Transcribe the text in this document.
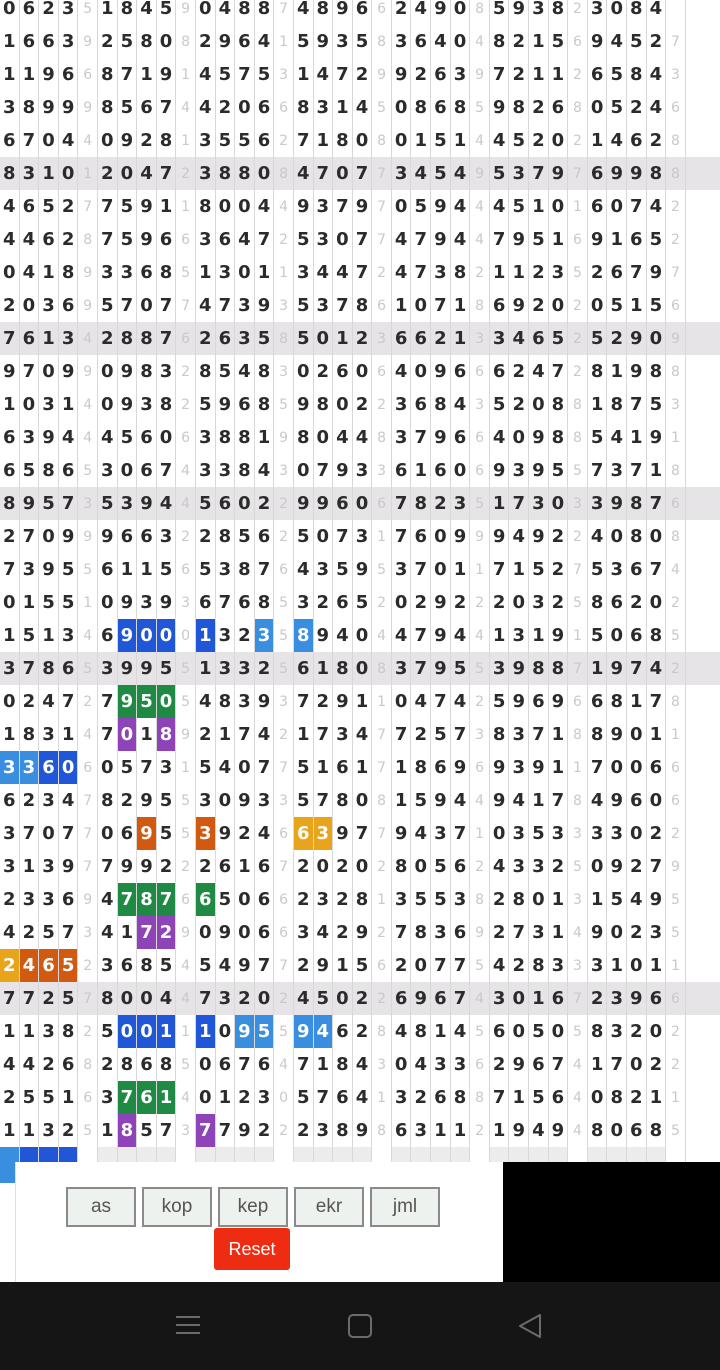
0 6 2 3 5 1 8 4 5 9 0 4 8 8 7 4 8 9 6 6 2 4 9 0 8 5 9 3 8 2 3 0 8 4
1 6 6 3 9 2 5 8 0 8 2 9 6 4 1 5 9 3 5 8 3 6 4 0 4 8 2 1 5 6 9 4 5 2 7
1 1 9 6 6 8 7 1 9 1 4 5 7 5 3 1 4 7 2 9 9 2 6 3 9 7 2 1 1 2 6 5 8 4 3
3 8 9 9 9 8 5 6 7 4 4 2 0 6 6 8 3 1 4 5 0 8 6 8 5 9 8 2 6 8 0 5 2 4 6
6 7 0 4 4 0 9 2 8 1 3 5 5 6 2 7 1 8 0 8 0 1 5 1 4 4 5 2 0 2 1 4 6 2 8
8 3 1 0 1 2 0 4 7 2 3 8 8 0 8 4 7 0 7 7 3 4 5 4 9 5 3 7 9 7 6 9 9 8 8
4 6 5 2 7 7 5 9 1 1 8 0 0 4 4 9 3 7 9 7 0 5 9 4 4 4 5 1 0 1 6 0 7 4 2
4 4 6 2 8 7 5 9 6 6 3 6 4 7 2 5 3 0 7 7 4 7 9 4 4 7 9 5 1 6 9 1 6 5 2
0 4 1 8 9 3 3 6 8 5 1 3 0 1 1 3 4 4 7 2 4 7 3 8 2 1 1 2 3 5 2 6 7 9 7
2 0 3 6 9 5 7 0 7 7 4 7 3 9 3 5 3 7 8 6 1 0 7 1 8 6 9 2 0 2 0 5 1 5 6
7 6 1 3 4 2 8 8 7 6 2 6 3 5 8 5 0 1 2 3 6 6 2 1 3 3 4 6 5 2 5 2 9 0 9
9 7 0 9 9 0 9 8 3 2 8 5 4 8 3 0 2 6 0 6 4 0 9 6 6 6 2 4 7 2 8 1 9 8 8
1 0 3 1 4 0 9 3 8 2 5 9 6 8 5 9 8 0 2 2 3 6 8 4 3 5 2 0 8 8 1 8 7 5 3
6 3 9 4 4 4 5 6 0 6 3 8 8 1 9 8 0 4 4 8 3 7 9 6 6 4 0 9 8 8 5 4 1 9 1
6 5 8 6 5 3 0 6 7 4 3 3 8 4 3 0 7 9 3 3 6 1 6 0 6 9 3 9 5 5 7 3 7 1 8
8 9 5 7 3 5 3 9 4 4 5 6 0 2 2 9 9 6 0 6 7 8 2 3 5 1 7 3 0 3 3 9 8 7 6
2 7 0 9 9 9 6 6 3 2 2 8 5 6 2 5 0 7 3 1 7 6 0 9 9 9 4 9 2 2 4 0 8 0 8
7 3 9 5 5 6 1 1 5 6 5 3 8 7 6 4 3 5 9 5 3 7 0 1 1 7 1 5 2 7 5 3 6 7 4
0 1 5 5 1 0 9 3 9 3 6 7 6 8 5 3 2 6 5 2 0 2 9 2 2 2 0 3 2 5 8 6 2 0 2
1 5 1 3 4 6 9 0 0 0 1 3 2 3 5 8 9 4 0 4 4 7 9 4 4 1 3 1 9 1 5 0 6 8 5
3 7 8 6 5 3 9 9 5 5 1 3 3 2 5 6 1 8 0 8 3 7 9 5 5 3 9 8 8 7 1 9 7 4 2
0 2 4 7 2 7 9 5 0 5 4 8 3 9 3 7 2 9 1 1 0 4 7 4 2 5 9 6 9 6 6 8 1 7 8
1 8 3 1 4 7 0 1 8 9 2 1 7 4 2 1 7 3 4 7 7 2 5 7 3 8 3 7 1 8 8 9 0 1 1
3 3 6 0 6 0 5 7 3 1 5 4 0 7 7 5 1 6 1 7 1 8 6 9 6 9 3 9 1 1 7 0 0 6 6
6 2 3 4 7 8 2 9 5 5 3 0 9 3 3 5 7 8 0 8 1 5 9 4 4 9 4 1 7 8 4 9 6 0 6
3 7 0 7 7 0 6 9 5 5 3 9 2 4 6 6 3 9 7 7 9 4 3 7 1 0 3 5 3 3 3 3 0 2 2
3 1 3 9 7 7 9 9 2 2 2 6 1 6 7 2 0 2 0 2 8 0 5 6 2 4 3 3 2 5 0 9 2 7 9
2 3 3 6 9 4 7 8 7 6 6 5 0 6 6 2 3 2 8 1 3 5 5 3 8 2 8 0 1 3 1 5 4 9 5
4 2 5 7 3 4 1 7 2 9 0 9 0 6 6 3 4 2 9 2 7 8 3 6 9 2 7 3 1 4 9 0 2 3 5
2 4 6 5 2 3 6 8 5 4 5 4 9 7 7 2 9 1 5 6 2 0 7 7 5 4 2 8 3 3 3 1 0 1 1
7 7 2 5 7 8 0 0 4 4 7 3 2 0 2 4 5 0 2 2 6 9 6 7 4 3 0 1 6 7 2 3 9 6 6
1 1 3 8 2 5 0 0 1 1 1 0 9 5 5 9 4 6 2 8 4 8 1 4 5 6 0 5 0 5 8 3 2 0 2
4 4 2 6 8 2 8 6 8 5 0 6 7 6 4 7 1 8 4 3 0 4 3 3 6 2 9 6 7 4 1 7 0 2 2
2 5 5 1 6 3 7 6 1 4 0 1 2 3 0 5 7 6 4 1 3 2 6 8 8 7 1 5 6 4 0 8 2 1 1
1 1 3 2 5 1 8 5 7 3 7 7 9 2 2 2 3 8 9 8 6 3 1 1 2 1 9 4 9 4 8 0 6 8 5
as	kop	kep	ekr	jml
Reset
